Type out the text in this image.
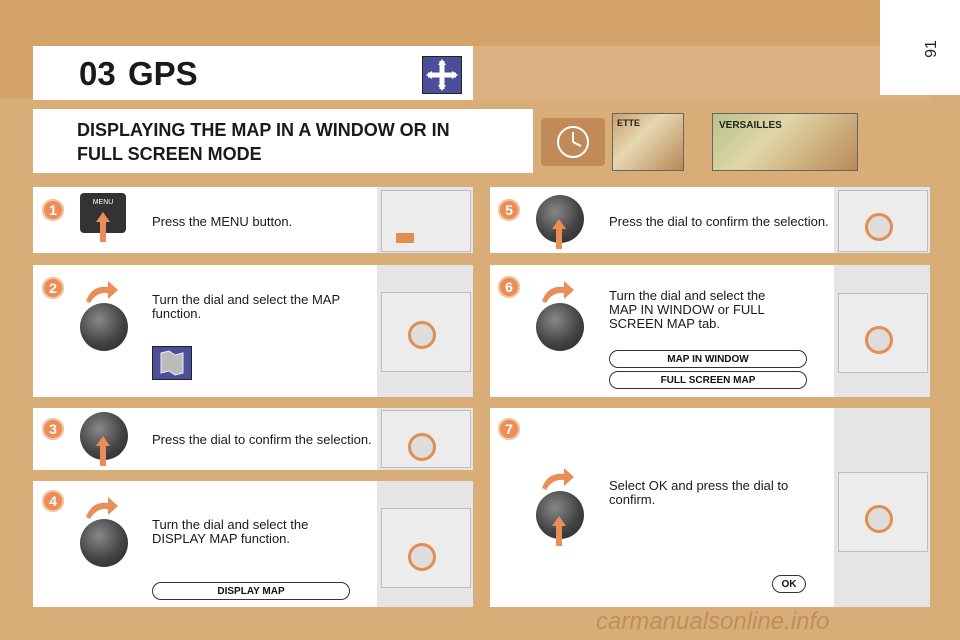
03 GPS
91
DISPLAYING THE MAP IN A WINDOW OR IN FULL SCREEN MODE
ETTE	VERSAILLES
1	MENU
Press the MENU button.
2
Turn the dial and select the MAP function.
3
Press the dial to confirm the selection.
4
Turn the dial and select the DISPLAY MAP function.
DISPLAY MAP
5
Press the dial to confirm the selection.
6
Turn the dial and select the MAP IN WINDOW or FULL SCREEN MAP tab.
MAP IN WINDOW
FULL SCREEN MAP
7
Select OK and press the dial to confirm.
OK
carmanualsonline.info
